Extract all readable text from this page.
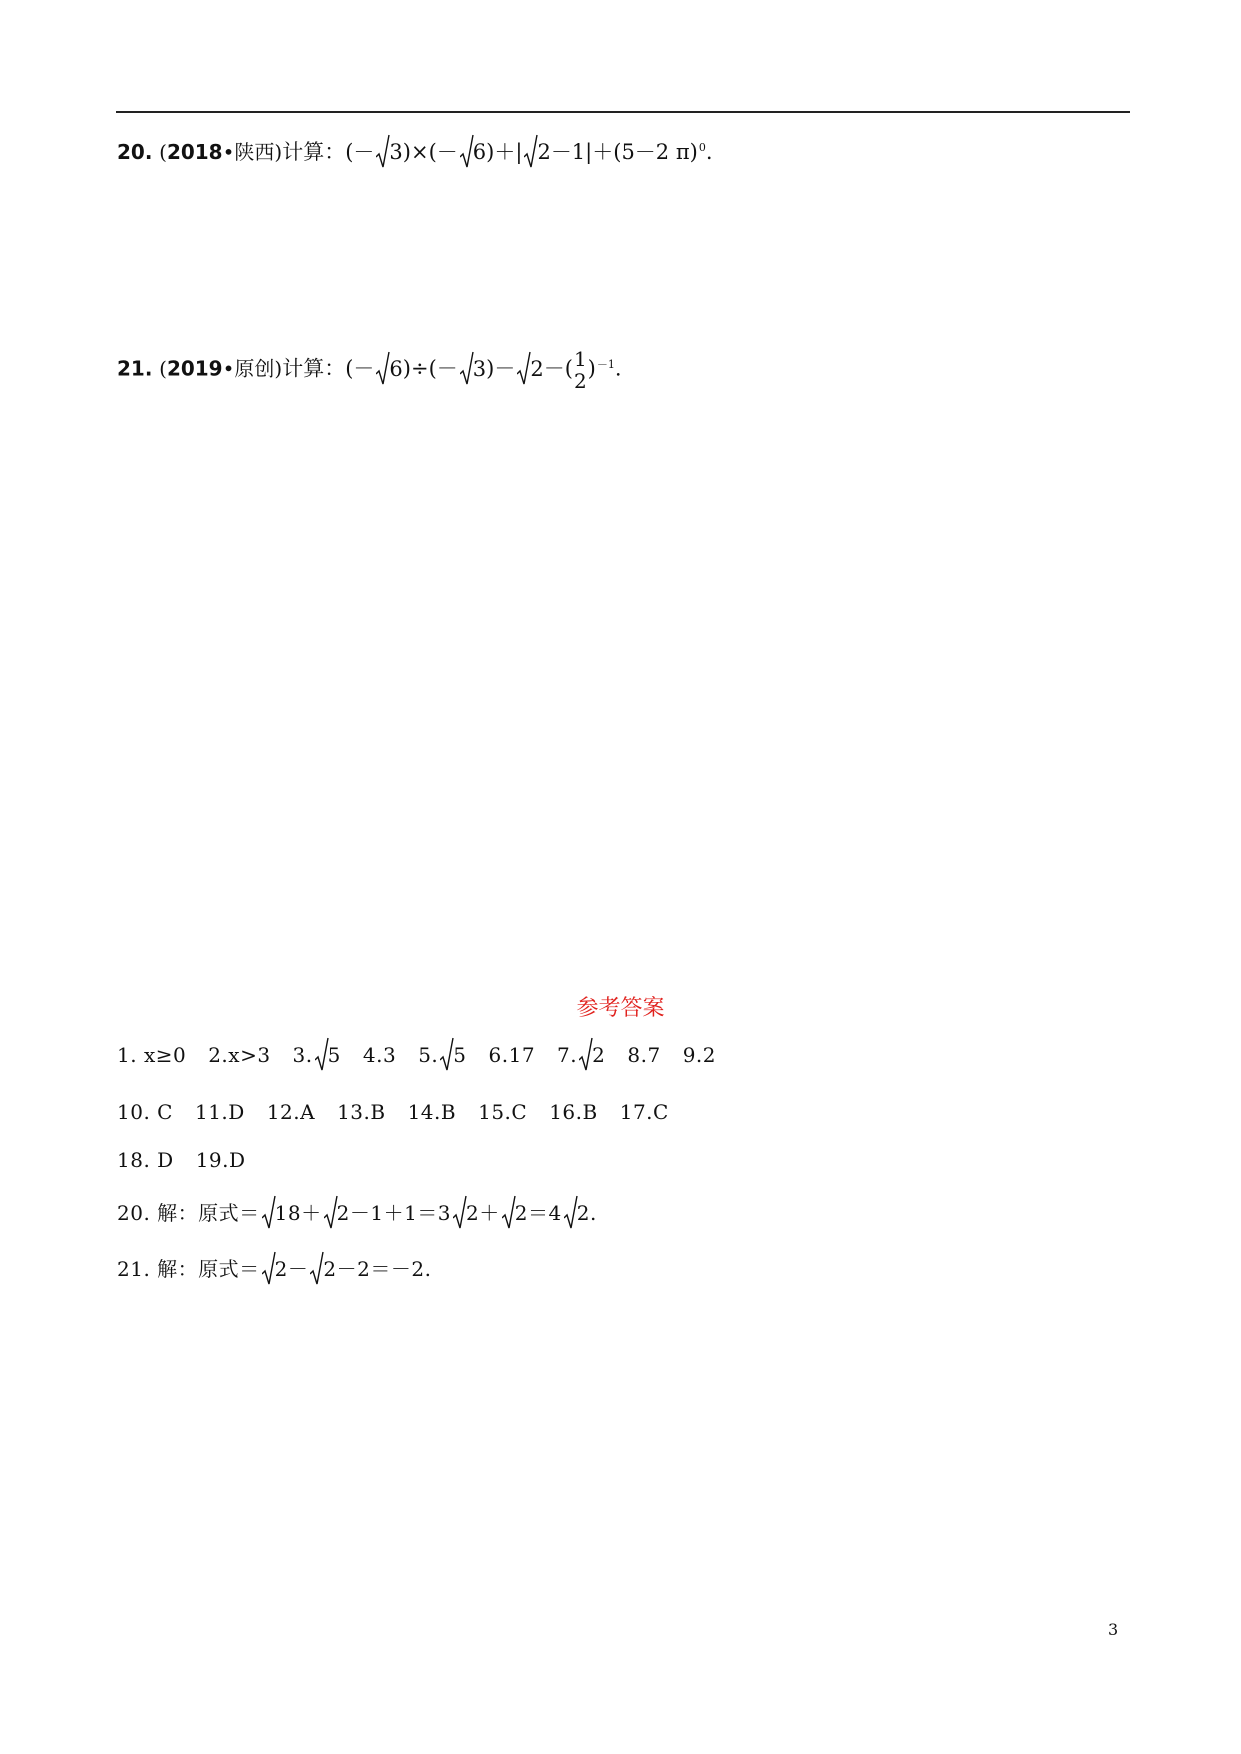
20. (2018•陕西)计算：(－ 3)×(－ 6)＋| 2－1|＋(5－2 π)$^0$.
21. (2019•原创)计算：(－ 6)÷(－ 3)－ 2－( 1
2
)$^{-1}$.
参考答案
1. x≥0 2.x>3 3. 5 4.3 5. 5 6.17 7. 2 8.7 9.2
10. C 11.D 12.A 13.B 14.B 15.C 16.B 17.C
18. D 19.D
20. 解：原式＝ 18＋ 2－1＋1＝3 2＋ 2＝4 2.
21. 解：原式＝ 2－ 2－2＝－2.
3
